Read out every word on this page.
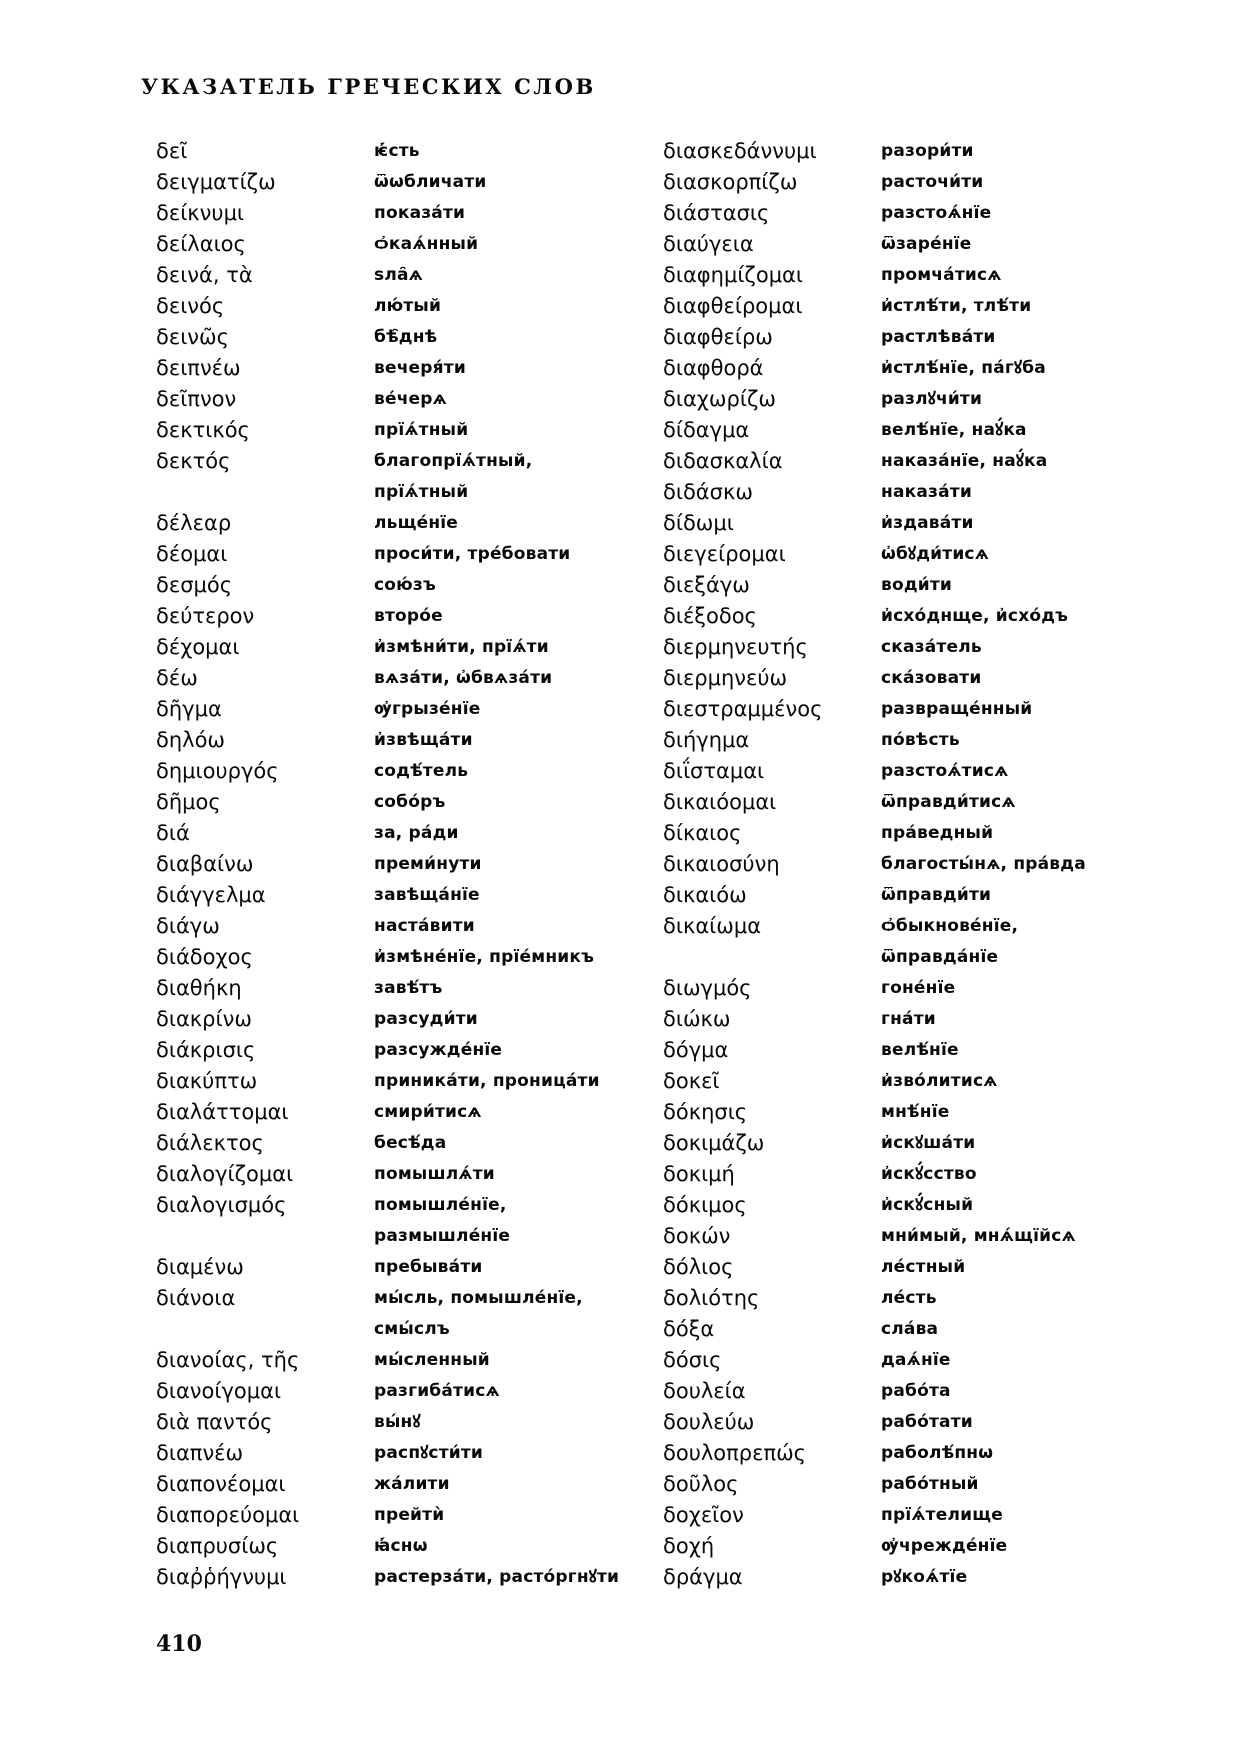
УКАЗАТЕЛЬ ГРЕЧЕСКИХ СЛОВ
δεῖ	ѥ҆́сть
δειγματίζω	ѿѡбличати
δείκνυμι	показа́ти
δείλαιος	ѻ҆каѧ́нный
δεινά, τὰ	ѕла̑ѧ
δεινός	лю́тый
δεινῶς	бѣ̑днѣ
δειπνέω	вечеря́ти
δεῖπνον	ве́черѧ
δεκτικός	прїѧ́тный
δεκτός	благопрїѧ́тный,
прїѧ́тный
δέλεαρ	льще́нїе
δέομαι	проси́ти, тре́бовати
δεσμός	сою́зъ
δεύτερον	второ́е
δέχομαι	и҆змѣни́ти, прїѧ́ти
δέω	вѧза́ти, ѡ҆бвѧза́ти
δῆγμα	ѹ҆грызе́нїе
δηλόω	и҆звѣща́ти
δημιουργός	содѣ́тель
δῆμος	собо́ръ
διά	за, ра́ди
διαβαίνω	преми́нути
διάγγελμα	завѣща́нїе
διάγω	наста́вити
διάδοχος	и҆змѣне́нїе, прїе́мникъ
διαθήκη	завѣ́тъ
διακρίνω	разсуди́ти
διάκρισις	разсужде́нїе
διακύπτω	приника́ти, проница́ти
διαλάττομαι	смири́тисѧ
διάλεκτος	бесѣ́да
διαλογίζομαι	помышлѧ́ти
διαλογισμός	помышле́нїе,
размышле́нїе
διαμένω	пребыва́ти
διάνοια	мы́сль, помышле́нїе,
смы́слъ
διανοίας, τῆς	мы́сленный
διανοίγομαι	разгиба́тисѧ
διὰ παντός	вы́нꙋ
διαπνέω	распꙋсти́ти
διαπονέομαι	жа́лити
διαπορεύομαι	прейтѝ
διαπρυσίως	ꙗ҆́снѡ
διαῤῥήγνυμι	растерза́ти, расто́ргнꙋти
διασκεδάννυμι	разори́ти
διασκορπίζω	расточи́ти
διάστασις	разстоѧ́нїе
διαύγεια	ѿзаре́нїе
διαφημίζομαι	промча́тисѧ
διαφθείρομαι	и҆стлѣ́ти, тлѣ́ти
διαφθείρω	растлѣва́ти
διαφθορά	и҆стлѣ́нїе, па́гꙋба
διαχωρίζω	разлꙋчи́ти
δίδαγμα	велѣ́нїе, наꙋ́ка
διδασκαλία	наказа́нїе, наꙋ́ка
διδάσκω	наказа́ти
δίδωμι	и҆здава́ти
διεγείρομαι	ѡ҆бꙋди́тисѧ
διεξάγω	води́ти
διέξοδος	и҆схо́днще, и҆схо́дъ
διερμηνευτής	сказа́тель
διερμηνεύω	ска́зовати
διεστραμμένος	развраще́нный
διήγημα	по́вѣсть
διΐσταμαι	разстоѧ́тисѧ
δικαιόομαι	ѿправди́тисѧ
δίκαιος	пра́ведный
δικαιοσύνη	благосты́нѧ, пра́вда
δικαιόω	ѿправди́ти
δικαίωμα	ѻ҆быкнове́нїе,
ѿправда́нїе
διωγμός	гоне́нїе
διώκω	гна́ти
δόγμα	велѣ́нїе
δοκεῖ	и҆зво́литисѧ
δόκησις	мнѣ́нїе
δοκιμάζω	и҆скꙋша́ти
δοκιμή	и҆скꙋ́сство
δόκιμος	и҆скꙋ́сный
δοκών	мни́мый, мнѧ́щїйсѧ
δόλιος	ле́стный
δολιότης	ле́сть
δόξα	сла́ва
δόσις	даѧ́нїе
δουλεία	рабо́та
δουλεύω	рабо́тати
δουλοπρεπώς	раболѣ́пнѡ
δοῦλος	рабо́тный
δοχεῖον	прїѧ́телище
δοχή	ѹ҆чрежде́нїе
δράγμα	рꙋкоѧ́тїе

410
